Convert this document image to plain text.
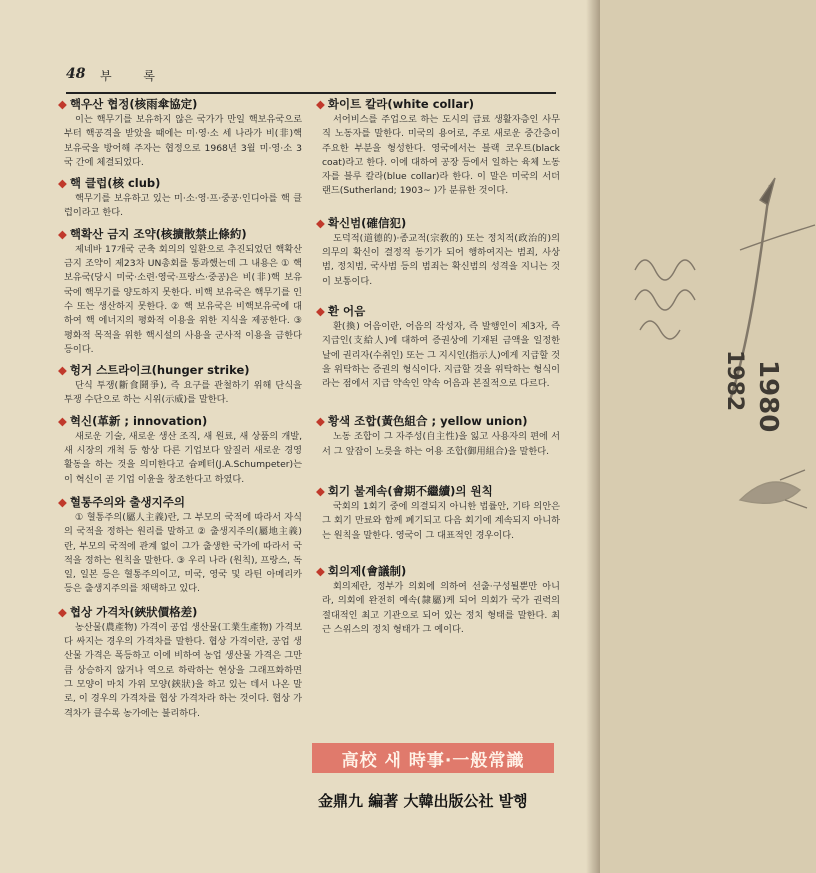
1980
1982
48 부 록
◆ 핵우산 협정(核雨傘協定)

이는 핵무기를 보유하지 않은 국가가 만일 핵보유국으로부터 핵공격을 받았을 때에는 미·영·소 세 나라가 비(非)핵 보유국을 방어해 주자는 협정으로 1968년 3월 미·영·소 3국 간에 체결되었다.

◆ 핵 클럽(核 club)

핵무기를 보유하고 있는 미·소·영·프·중공·인디아를 핵 클럽이라고 한다.

◆ 핵확산 금지 조약(核擴散禁止條約)

제네바 17개국 군축 회의의 일환으로 추진되었던 핵확산 금지 조약이 제23차 UN총회를 통과했는데 그 내용은 ① 핵 보유국(당시 미국·소련·영국·프랑스·중공)은 비(非)핵 보유국에 핵무기를 양도하지 못한다. 비핵 보유국은 핵무기를 인수 또는 생산하지 못한다. ② 핵 보유국은 비핵보유국에 대하여 핵 에너지의 평화적 이용을 위한 지식을 제공한다. ③ 평화적 목적을 위한 핵시설의 사용을 군사적 이용을 금한다 등이다.

◆ 헝거 스트라이크(hunger strike)

단식 투쟁(斷食鬪爭), 즉 요구를 관철하기 위해 단식을 투쟁 수단으로 하는 시위(示威)를 말한다.

◆ 혁신(革新 ; innovation)

새로운 기술, 새로운 생산 조직, 새 원료, 새 상품의 개발, 새 시장의 개척 등 항상 다른 기업보다 앞질러 새로운 경영 활동을 하는 것을 의미한다고 슘페터(J.A.Schumpeter)는 이 혁신이 곧 기업 이윤을 창조한다고 하였다.

◆ 혈통주의와 출생지주의

① 혈통주의(屬人主義)란, 그 부모의 국적에 따라서 자식의 국적을 정하는 원리를 말하고 ② 출생지주의(屬地主義)란, 부모의 국적에 관계 없이 그가 출생한 국가에 따라서 국적을 정하는 원칙을 말한다. ③ 우리 나라 (원칙), 프랑스, 독일, 일본 등은 혈통주의이고, 미국, 영국 및 라틴 아메리카 등은 출생지주의를 채택하고 있다.

◆ 협상 가격차(鋏狀價格差)

농산물(農產物) 가격이 공업 생산물(工業生產物) 가격보다 싸지는 경우의 가격차를 말한다. 협상 가격이란, 공업 생산물 가격은 폭등하고 이에 비하여 농업 생산물 가격은 그만큼 상승하지 않거나 역으로 하락하는 현상을 그래프화하면 그 모양이 마치 가위 모양(鋏狀)을 하고 있는 데서 나온 말로, 이 경우의 가격차를 협상 가격차라 하는 것이다. 협상 가격차가 클수록 농가에는 불리하다.

◆ 화이트 칼라(white collar)

서어비스를 주업으로 하는 도시의 급료 생활자층인 사무직 노동자를 말한다. 미국의 용어로, 주로 새로운 중간층이 주요한 부분을 형성한다. 영국에서는 블랙 코우트(black coat)라고 한다. 이에 대하여 공장 등에서 일하는 육체 노동자를 블루 칼라(blue collar)라 한다. 이 말은 미국의 서더랜드(Sutherland; 1903~ )가 분류한 것이다.

◆ 확신범(確信犯)

도덕적(道德的)·종교적(宗敎的) 또는 정치적(政治的)의 의무의 확신이 결정적 동기가 되어 행하여지는 범죄, 사상범, 정치범, 국사범 등의 범죄는 확신범의 성격을 지니는 것이 보통이다.

◆ 환 어음

환(換) 어음이란, 어음의 작성자, 즉 발행인이 제3자, 즉 지급인(支給人)에 대하여 증권상에 기재된 금액을 일정한 날에 권리자(수취인) 또는 그 지시인(指示人)에게 지급할 것을 위탁하는 증권의 형식이다. 지급할 것을 위탁하는 형식이라는 점에서 지급 약속인 약속 어음과 본질적으로 다르다.

◆ 황색 조합(黃色組合 ; yellow union)

노동 조합이 그 자주성(自主性)을 잃고 사용자의 편에 서서 그 앞잡이 노릇을 하는 어용 조합(御用組合)을 말한다.

◆ 회기 불계속(會期不繼續)의 원칙

국회의 1회기 중에 의결되지 아니한 법률안, 기타 의안은 그 회기 만료와 함께 폐기되고 다음 회기에 계속되지 아니하는 원칙을 말한다. 영국이 그 대표적인 경우이다.

◆ 회의제(會議制)

회의제란, 정부가 의회에 의하여 선출·구성될뿐만 아니라, 의회에 완전히 예속(隸屬)케 되어 의회가 국가 권력의 절대적인 최고 기관으로 되어 있는 정치 형태를 말한다. 최근 스위스의 정치 형태가 그 예이다.

高校 새 時事·一般常識
金鼎九 編著 大韓出版公社 발행
